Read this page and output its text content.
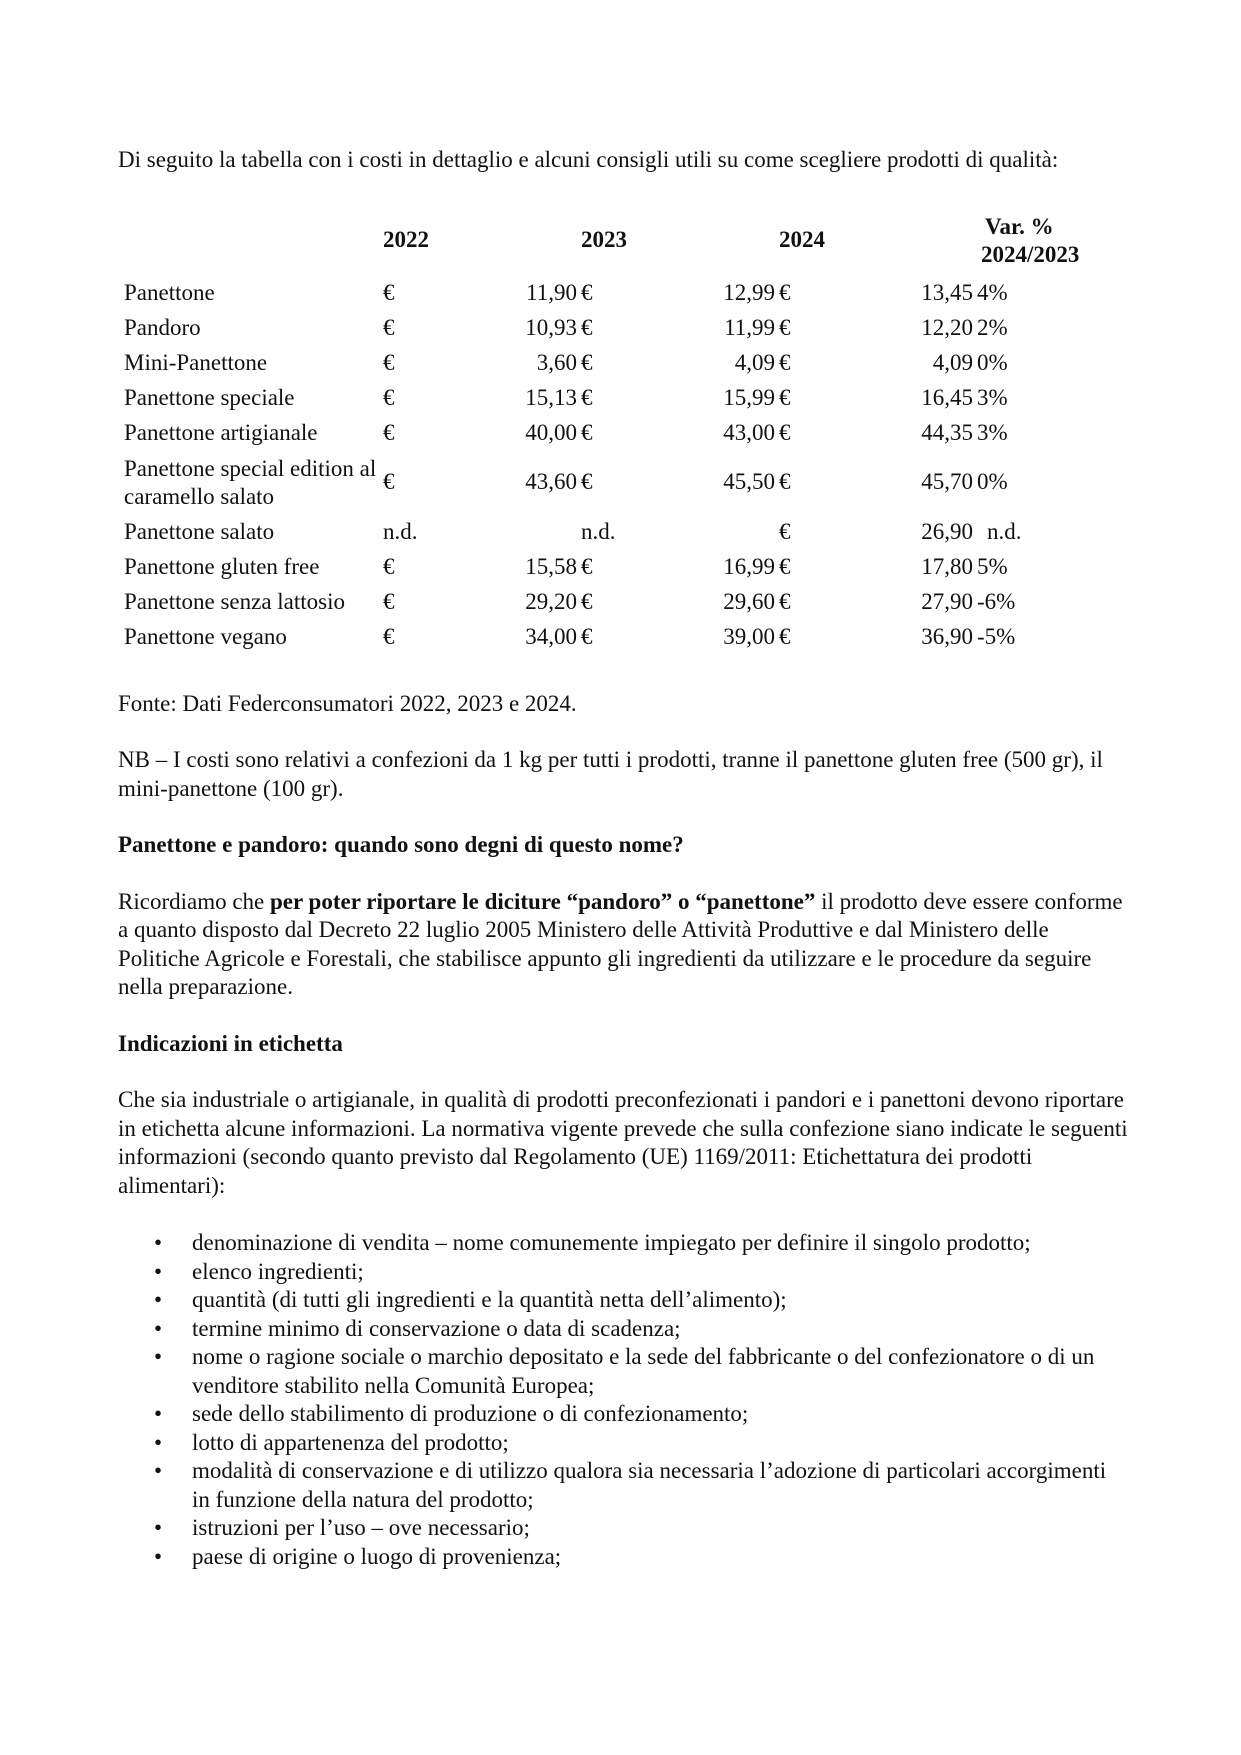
Di seguito la tabella con i costi in dettaglio e alcuni consigli utili su come scegliere prodotti di qualità:

	2022		2023		2024		Var. %
2024/2023
Panettone	€	11,90	€	12,99	€	13,45	4%
Pandoro	€	10,93	€	11,99	€	12,20	2%
Mini-Panettone	€	3,60	€	4,09	€	4,09	0%
Panettone speciale	€	15,13	€	15,99	€	16,45	3%
Panettone artigianale	€	40,00	€	43,00	€	44,35	3%
Panettone special edition al caramello salato	€	43,60	€	45,50	€	45,70	0%
Panettone salato	n.d.		n.d.		€	26,90	n.d.
Panettone gluten free	€	15,58	€	16,99	€	17,80	5%
Panettone senza lattosio	€	29,20	€	29,60	€	27,90	-6%
Panettone vegano	€	34,00	€	39,00	€	36,90	-5%

Fonte: Dati Federconsumatori 2022, 2023 e 2024.

NB – I costi sono relativi a confezioni da 1 kg per tutti i prodotti, tranne il panettone gluten free (500 gr), il mini-panettone (100 gr).

Panettone e pandoro: quando sono degni di questo nome?

Ricordiamo che per poter riportare le diciture “pandoro” o “panettone” il prodotto deve essere conforme a quanto disposto dal Decreto 22 luglio 2005 Ministero delle Attività Produttive e dal Ministero delle Politiche Agricole e Forestali, che stabilisce appunto gli ingredienti da utilizzare e le procedure da seguire nella preparazione.

Indicazioni in etichetta

Che sia industriale o artigianale, in qualità di prodotti preconfezionati i pandori e i panettoni devono riportare in etichetta alcune informazioni. La normativa vigente prevede che sulla confezione siano indicate le seguenti informazioni (secondo quanto previsto dal Regolamento (UE) 1169/2011: Etichettatura dei prodotti alimentari):

• denominazione di vendita – nome comunemente impiegato per definire il singolo prodotto;
• elenco ingredienti;
• quantità (di tutti gli ingredienti e la quantità netta dell’alimento);
• termine minimo di conservazione o data di scadenza;
• nome o ragione sociale o marchio depositato e la sede del fabbricante o del confezionatore o di un venditore stabilito nella Comunità Europea;
• sede dello stabilimento di produzione o di confezionamento;
• lotto di appartenenza del prodotto;
• modalità di conservazione e di utilizzo qualora sia necessaria l’adozione di particolari accorgimenti in funzione della natura del prodotto;
• istruzioni per l’uso – ove necessario;
• paese di origine o luogo di provenienza;
